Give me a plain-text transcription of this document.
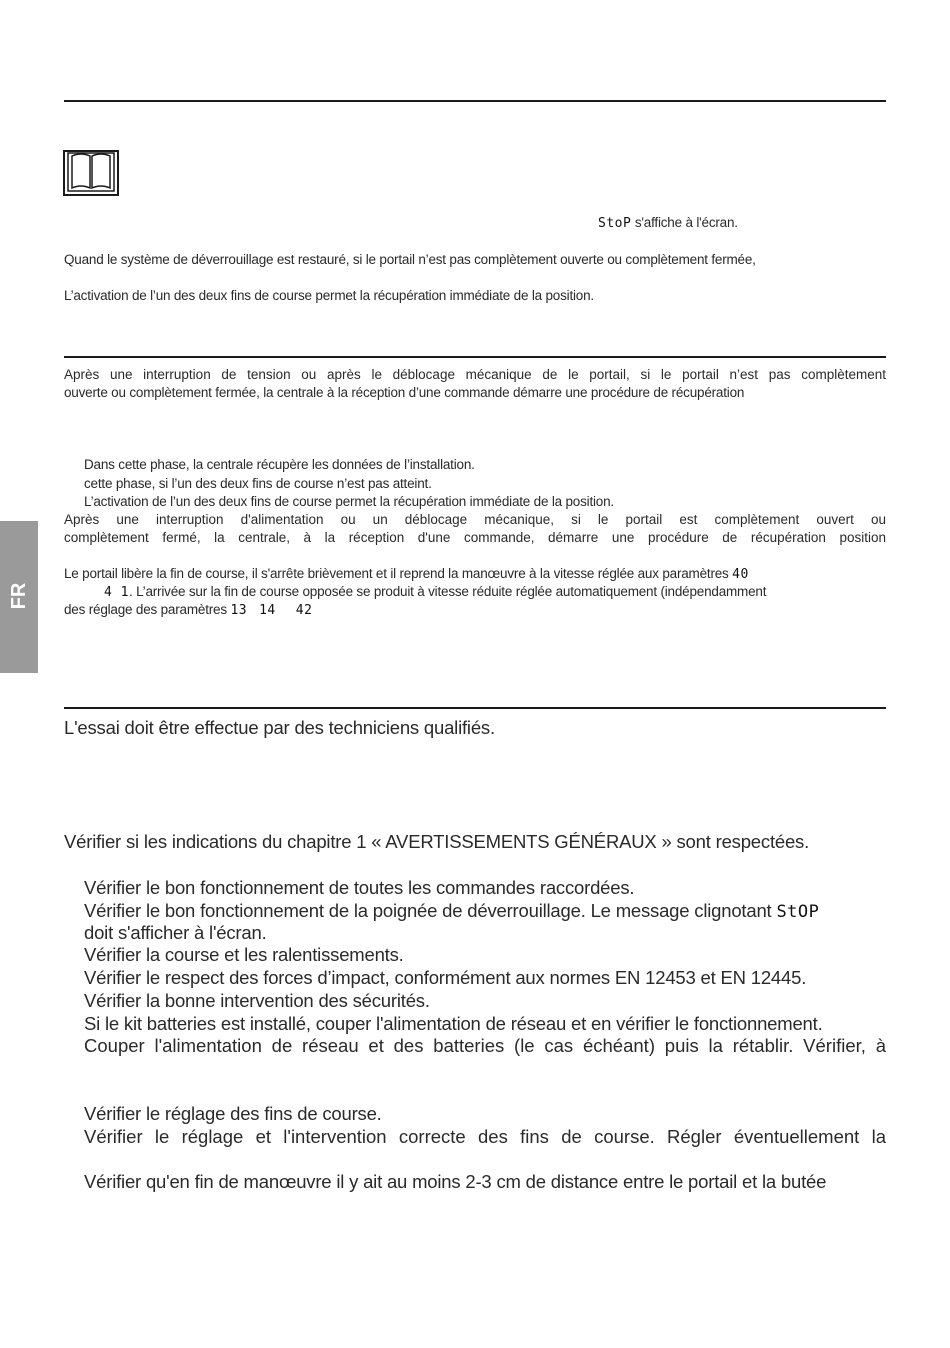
StoP s'affiche à l'écran.
Quand le système de déverrouillage est restauré, si le portail n’est pas complètement ouverte ou complètement fermée,
L’activation de l’un des deux fins de course permet la récupération immédiate de la position.
Après une interruption de tension ou après le déblocage mécanique de le portail, si le portail n’est pas complètement
ouverte ou complètement fermée, la centrale à la réception d’une commande démarre une procédure de récupération
Dans cette phase, la centrale récupère les données de l’installation.
cette phase, si l’un des deux fins de course n’est pas atteint.
L’activation de l’un des deux fins de course permet la récupération immédiate de la position.
Après une interruption d'alimentation ou un déblocage mécanique, si le portail est complètement ouvert ou
complètement fermé, la centrale, à la réception d'une commande, démarre une procédure de récupération position
Le portail libère la fin de course, il s'arrête brièvement et il reprend la manœuvre à la vitesse réglée aux paramètres 40
4 1. L’arrivée sur la fin de course opposée se produit à vitesse réduite réglée automatiquement (indépendamment
des réglage des paramètres 13 14 42
FR
L'essai doit être effectue par des techniciens qualifiés.
Vérifier si les indications du chapitre 1 « AVERTISSEMENTS GÉNÉRAUX » sont respectées.
Vérifier le bon fonctionnement de toutes les commandes raccordées.
Vérifier le bon fonctionnement de la poignée de déverrouillage. Le message clignotant StOP
doit s'afficher à l'écran.
Vérifier la course et les ralentissements.
Vérifier le respect des forces d’impact, conformément aux normes EN 12453 et EN 12445.
Vérifier la bonne intervention des sécurités.
Si le kit batteries est installé, couper l'alimentation de réseau et en vérifier le fonctionnement.
Couper l'alimentation de réseau et des batteries (le cas échéant) puis la rétablir. Vérifier, à
Vérifier le réglage des fins de course.
Vérifier le réglage et l'intervention correcte des fins de course. Régler éventuellement la
Vérifier qu'en fin de manœuvre il y ait au moins 2-3 cm de distance entre le portail et la butée
